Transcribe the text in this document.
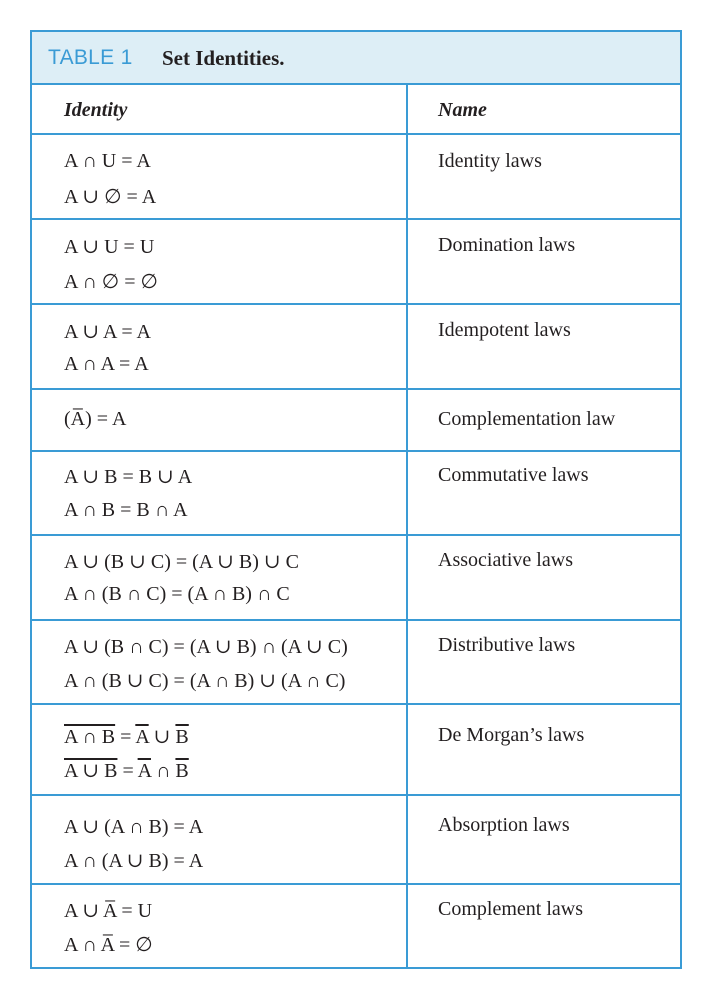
TABLE 1 Set Identities.
Identity	Name
A ∩ U = A
A ∪ ∅ = A
Identity laws
A ∪ U = U
A ∩ ∅ = ∅
Domination laws
A ∪ A = A
A ∩ A = A
Idempotent laws
(A̅) = A	Complementation law
A ∪ B = B ∪ A
A ∩ B = B ∩ A
Commutative laws
A ∪ (B ∪ C) = (A ∪ B) ∪ C
A ∩ (B ∩ C) = (A ∩ B) ∩ C
Associative laws
A ∪ (B ∩ C) = (A ∪ B) ∩ (A ∪ C)
A ∩ (B ∪ C) = (A ∩ B) ∪ (A ∩ C)
Distributive laws
A ∩ $B = \overline{A}$ ∪ $\overline{B}$
A ∪ $B = \overline{A}$ ∩ $\overline{B}$
De Morgan’s laws
A ∪ (A ∩ B) = A
A ∩ (A ∪ B) = A
Absorption laws
A ∪ A̅ = U
A ∩ A̅ = ∅
Complement laws
